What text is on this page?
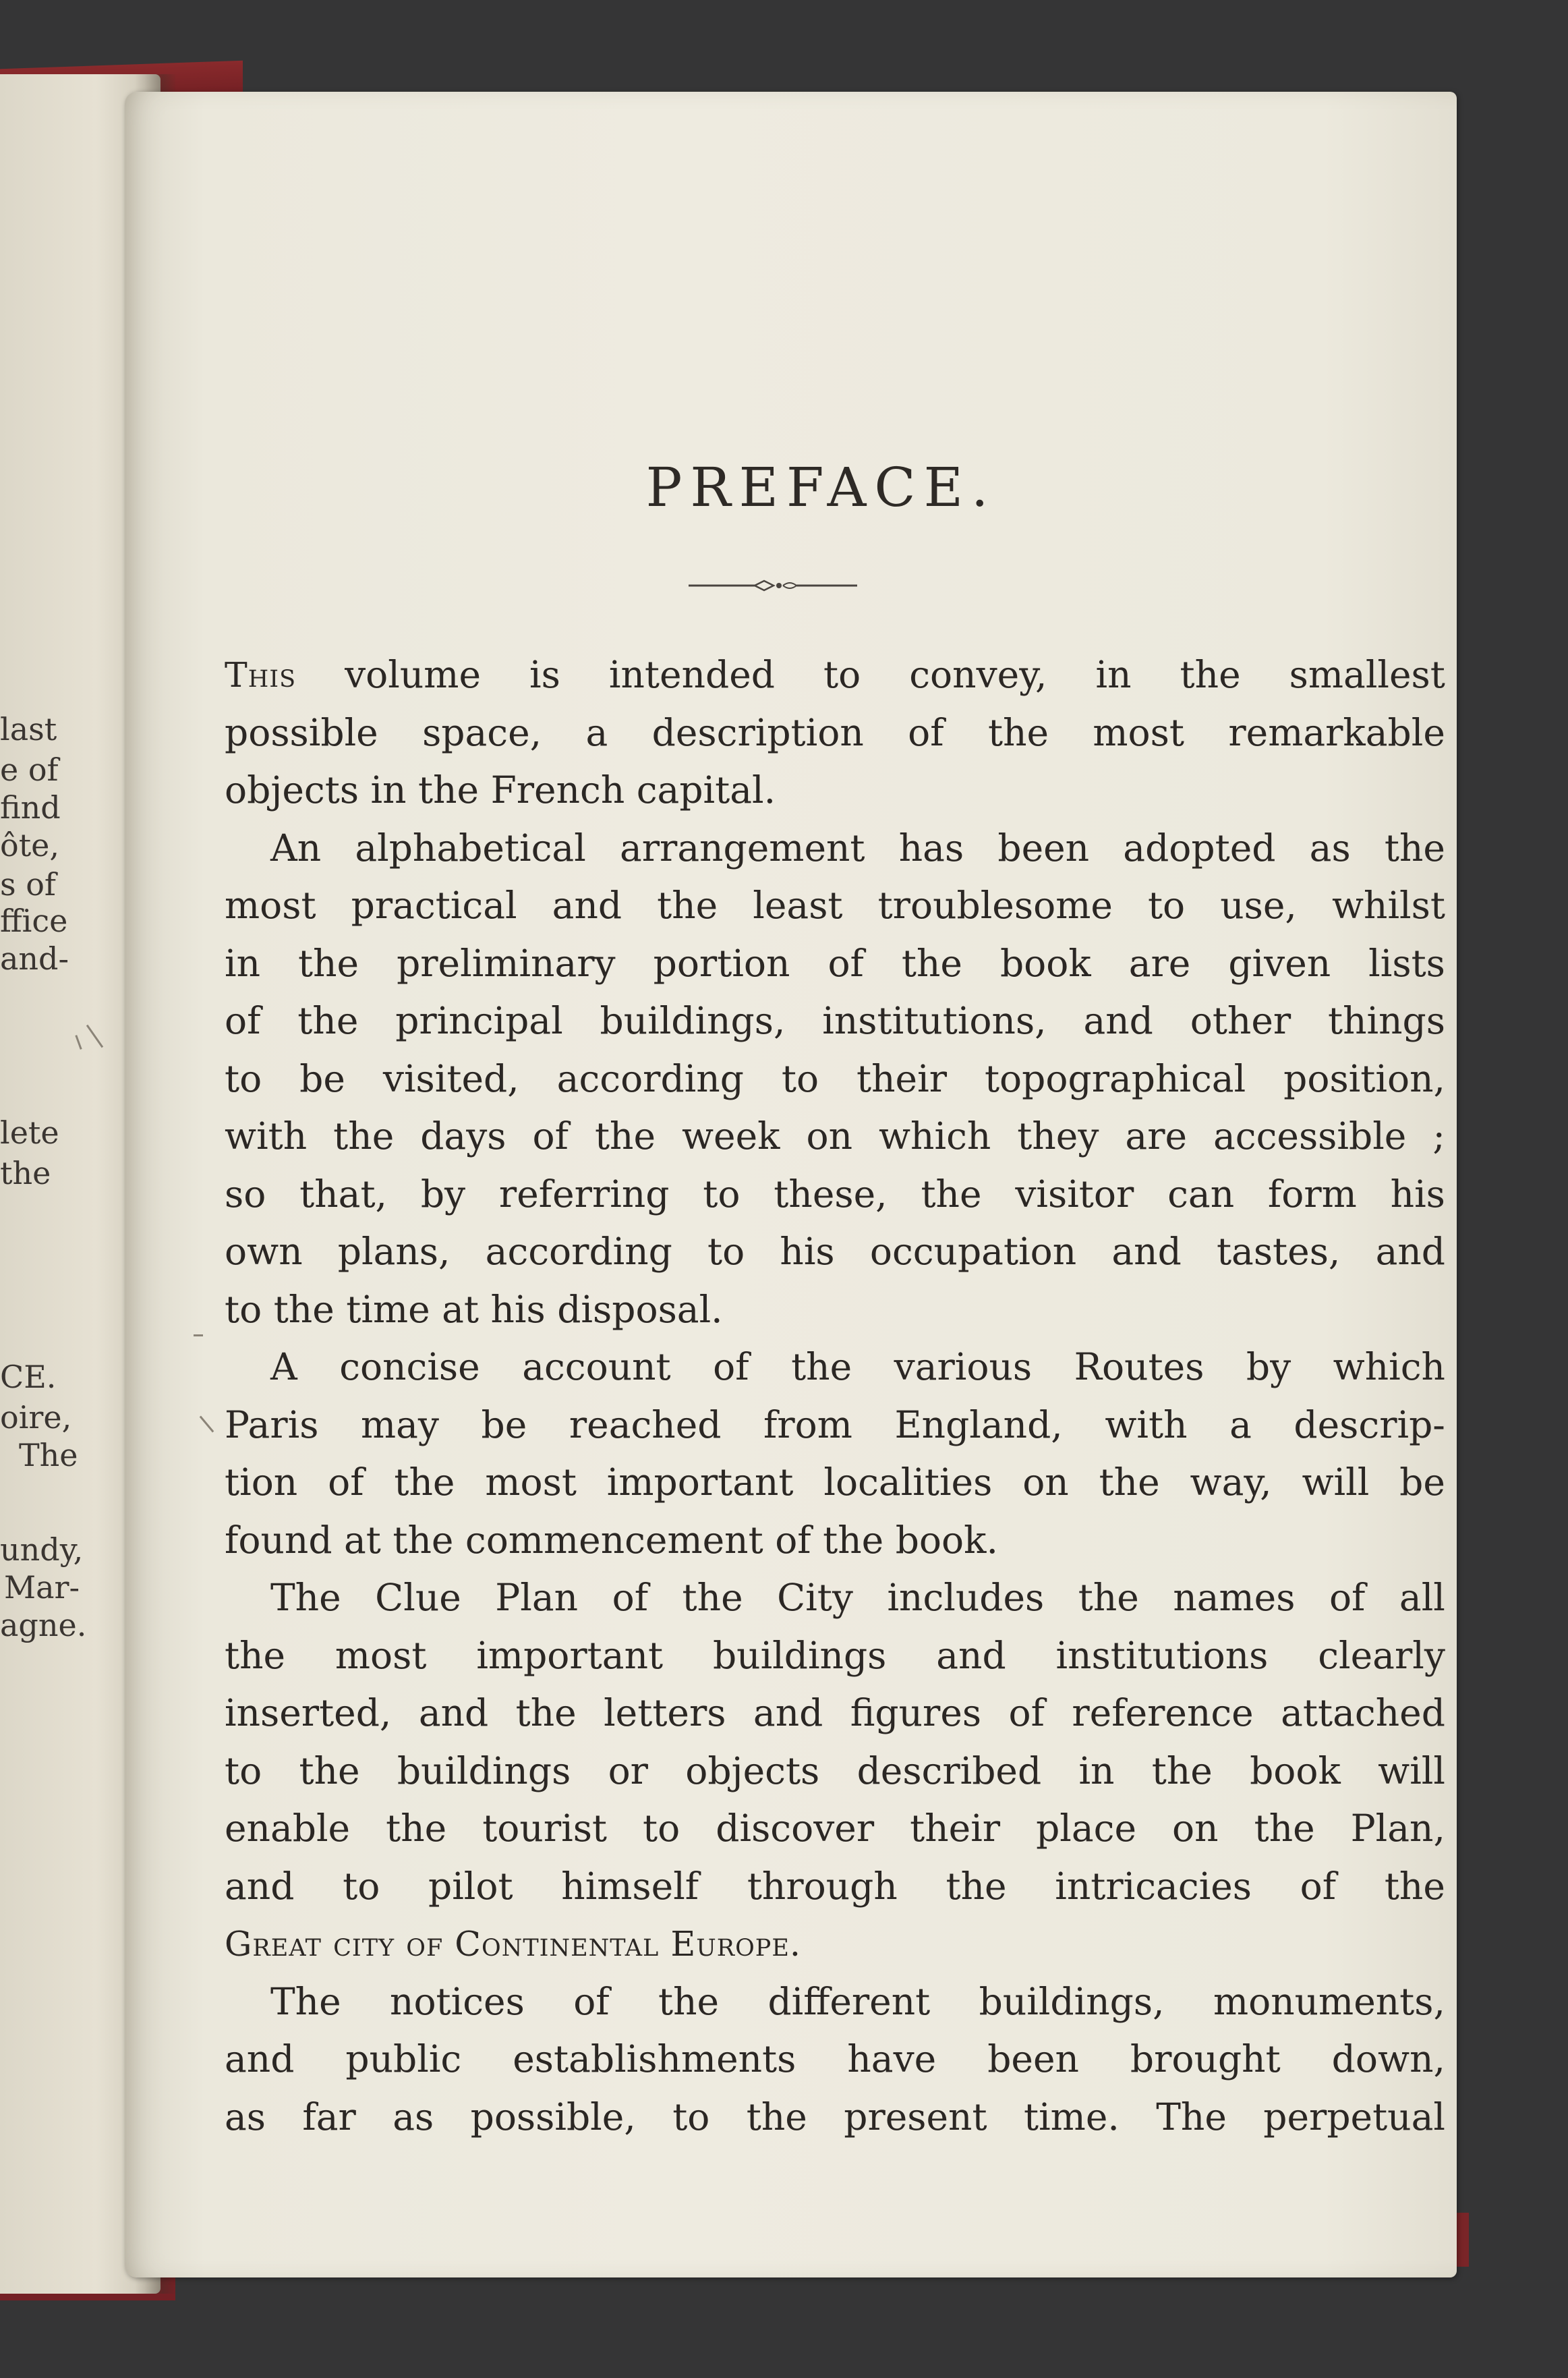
last
e of
find
ôte,
s of
ffice
and-
lete
the
CE.
oire,
The
undy,
Mar-
agne.
PREFACE.
This volume is intended to convey, in the smallest
possible space, a description of the most remarkable
objects in the French capital.
An alphabetical arrangement has been adopted as the
most practical and the least troublesome to use, whilst
in the preliminary portion of the book are given lists
of the principal buildings, institutions, and other things
to be visited, according to their topographical position,
with the days of the week on which they are accessible ;
so that, by referring to these, the visitor can form his
own plans, according to his occupation and tastes, and
to the time at his disposal.
A concise account of the various Routes by which
Paris may be reached from England, with a descrip-
tion of the most important localities on the way, will be
found at the commencement of the book.
The Clue Plan of the City includes the names of all
the most important buildings and institutions clearly
inserted, and the letters and figures of reference attached
to the buildings or objects described in the book will
enable the tourist to discover their place on the Plan,
and to pilot himself through the intricacies of the
Great city of Continental Europe.
The notices of the different buildings, monuments,
and public establishments have been brought down,
as far as possible, to the present time. The perpetual
